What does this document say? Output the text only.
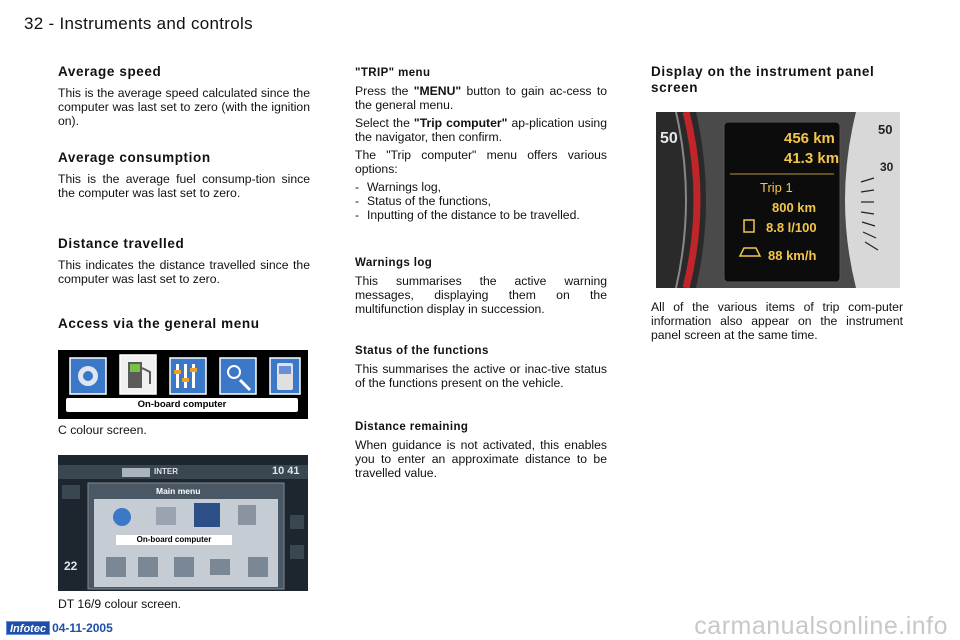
32 - Instruments and controls
Average speed

This is the average speed calculated since the computer was last set to zero (with the ignition on).

Average consumption

This is the average fuel consump-tion since the computer was last set to zero.

Distance travelled

This indicates the distance travelled since the computer was last set to zero.

Access via the general menu
On-board computer
C colour screen.
INTER	10 41
Main menu
On-board computer
22
DT 16/9 colour screen.
"TRIP" menu

Press the "MENU" button to gain ac-cess to the general menu.

Select the "Trip computer" ap-plication using the navigator, then confirm.

The "Trip computer" menu offers various options:

- Warnings log,
- Status of the functions,
- Inputting of the distance to be travelled.
Warnings log

This summarises the active warning messages, displaying them on the multifunction display in succession.

Status of the functions

This summarises the active or inac-tive status of the functions present on the vehicle.

Distance remaining

When guidance is not activated, this enables you to enter an approximate distance to be travelled value.

Display on the instrument panel screen
456 km
41.3 km
Trip 1
800 km
8.8 l/100
88 km/h
50
50
30

All of the various items of trip com-puter information also appear on the instrument panel screen at the same time.

Infotec 04-11-2005	carmanualsonline.info
